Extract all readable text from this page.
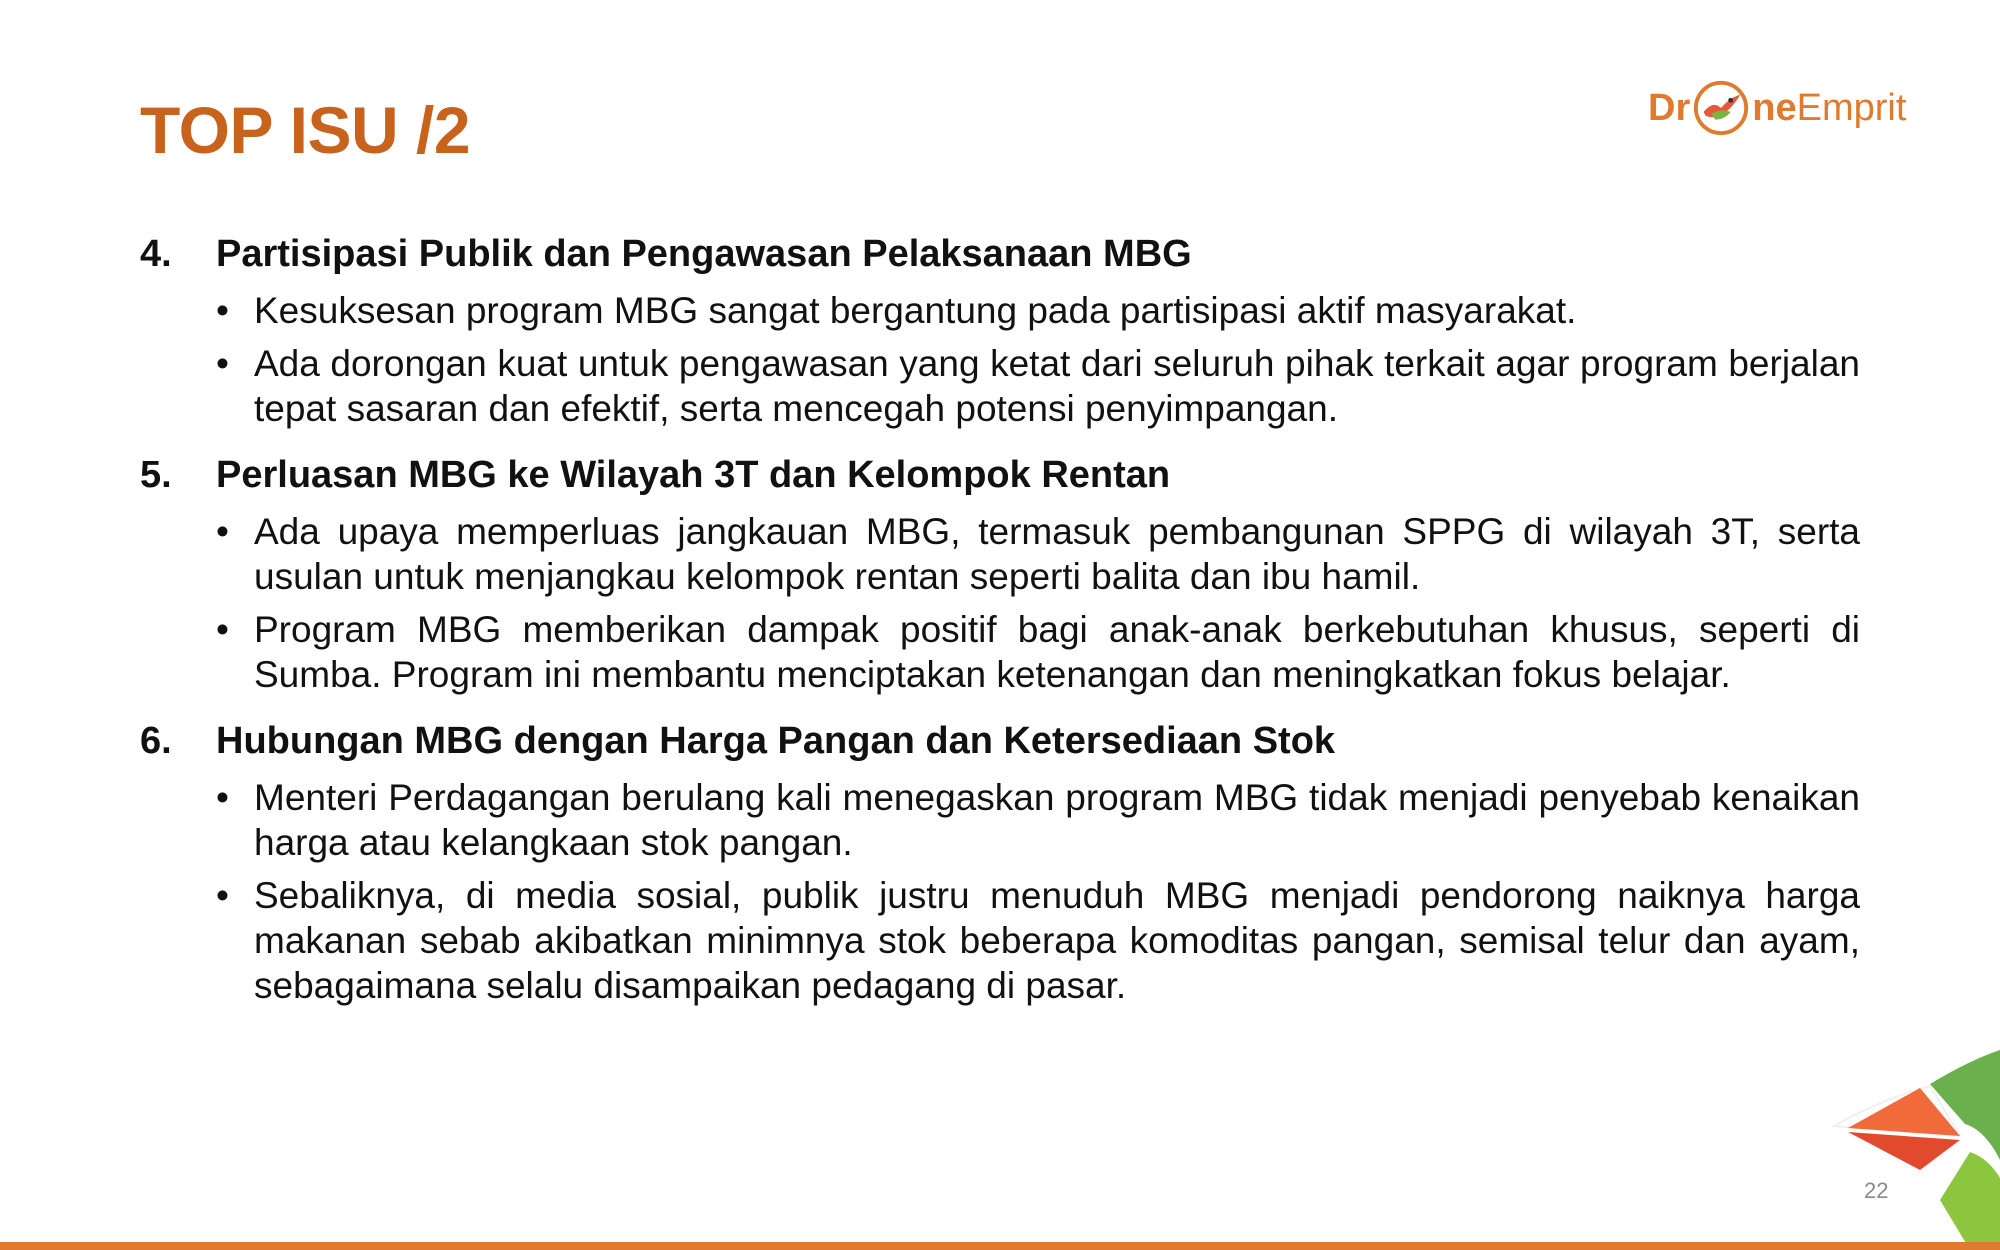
TOP ISU /2	Dr ne Emprit
4.	Partisipasi Publik dan Pengawasan Pelaksanaan MBG
• Kesuksesan program MBG sangat bergantung pada partisipasi aktif masyarakat.
• Ada dorongan kuat untuk pengawasan yang ketat dari seluruh pihak terkait agar program berjalan tepat sasaran dan efektif, serta mencegah potensi penyimpangan.
5.	Perluasan MBG ke Wilayah 3T dan Kelompok Rentan
• Ada upaya memperluas jangkauan MBG, termasuk pembangunan SPPG di wilayah 3T, serta usulan untuk menjangkau kelompok rentan seperti balita dan ibu hamil.
• Program MBG memberikan dampak positif bagi anak-anak berkebutuhan khusus, seperti di Sumba. Program ini membantu menciptakan ketenangan dan meningkatkan fokus belajar.
6.	Hubungan MBG dengan Harga Pangan dan Ketersediaan Stok
• Menteri Perdagangan berulang kali menegaskan program MBG tidak menjadi penyebab kenaikan harga atau kelangkaan stok pangan.
• Sebaliknya, di media sosial, publik justru menuduh MBG menjadi pendorong naiknya harga makanan sebab akibatkan minimnya stok beberapa komoditas pangan, semisal telur dan ayam, sebagaimana selalu disampaikan pedagang di pasar.
22
